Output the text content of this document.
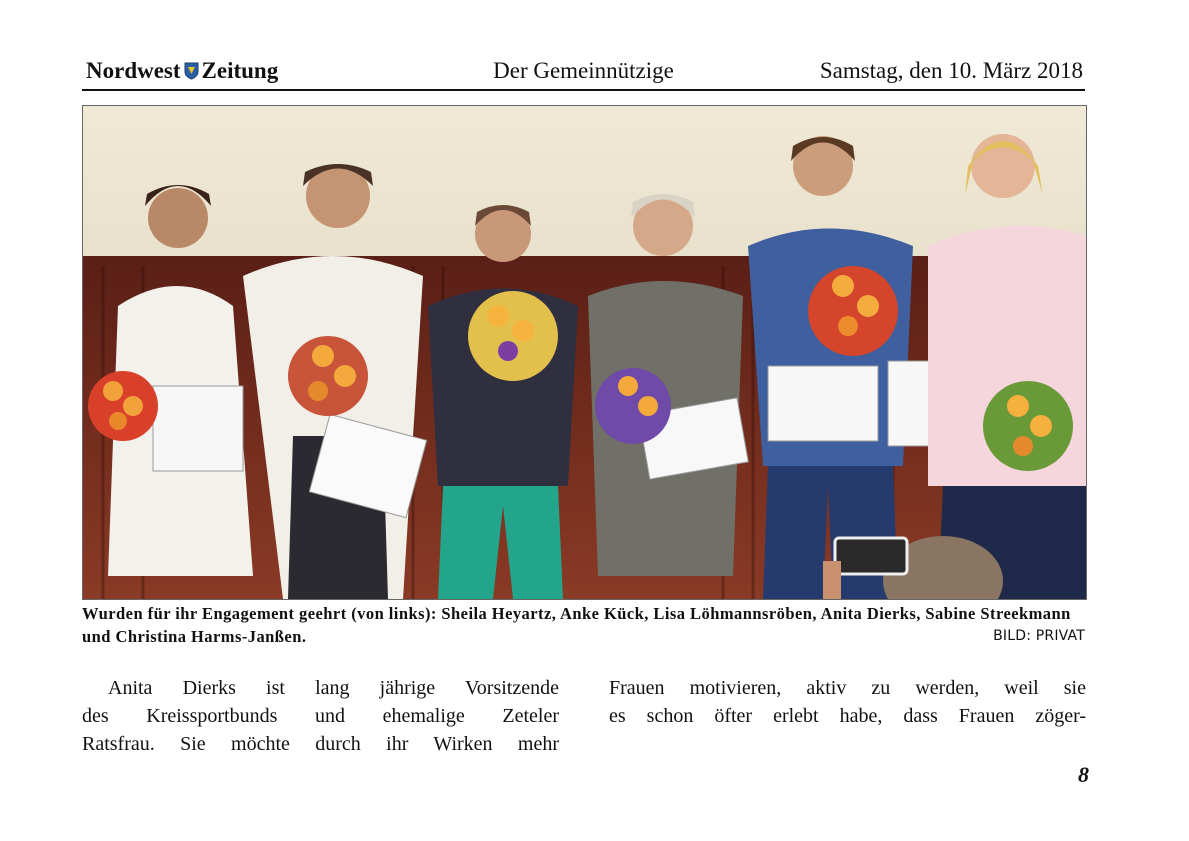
Nordwest Zeitung	Der Gemeinnützige	Samstag, den 10. März 2018
Wurden für ihr Engagement geehrt (von links): Sheila Heyartz, Anke Kück, Lisa Löhmannsröben, Anita Dierks, Sabine Streekmann und Christina Harms-Janßen.	BILD: PRIVAT
Anita Dierks ist lang jährige Vorsitzende
des Kreissportbunds und ehemalige Zeteler
Ratsfrau. Sie möchte durch ihr Wirken mehr
Frauen motivieren, aktiv zu werden, weil sie
es schon öfter erlebt habe, dass Frauen zöger-
8
